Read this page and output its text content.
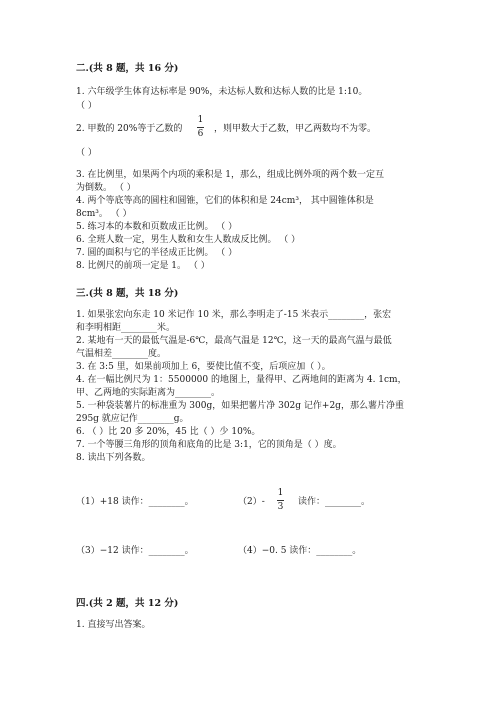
二.(共 8 题，共 16 分)
1. 六年级学生体育达标率是 90%，未达标人数和达标人数的比是 1:10。
（ ）
2. 甲数的 20%等于乙数的
1
6 ，则甲数大于乙数，甲乙两数均不为零。
（ ）
3. 在比例里，如果两个内项的乘积是 1，那么，组成比例外项的两个数一定互
为倒数。 （ ）
4. 两个等底等高的圆柱和圆锥，它们的体积和是 24cm³， 其中圆锥体积是
8cm³。 （ ）
5. 练习本的本数和页数成正比例。 （ ）
6. 全班人数一定，男生人数和女生人数成反比例。 （ ）
7. 圆的面积与它的半径成正比例。 （ ）
8. 比例尺的前项一定是 1。 （ ）
三.(共 8 题，共 18 分)
1. 如果张宏向东走 10 米记作 10 米，那么李明走了-15 米表示________，张宏
和李明相距________米。
2. 某地有一天的最低气温是-6℃，最高气温是 12℃，这一天的最高气温与最低
气温相差________度。
3. 在 3:5 里，如果前项加上 6，要使比值不变，后项应加（ ）。
4. 在一幅比例尺为 1：5500000 的地图上，量得甲、乙两地间的距离为 4. 1cm，
甲、乙两地的实际距离为________。
5. 一种袋装薯片的标准重为 300g，如果把薯片净 302g 记作+2g，那么薯片净重
295g 就应记作________g。
6. （ ）比 20 多 20%，45 比（ ）少 10%。
7. 一个等腰三角形的顶角和底角的比是 3:1，它的顶角是（ ）度。
8. 读出下列各数。
（1）+18 读作：________。	（2）-
1
3 读作：________。
（3）−12 读作：________。	（4）−0. 5 读作：________。
四.(共 2 题，共 12 分)
1. 直接写出答案。
